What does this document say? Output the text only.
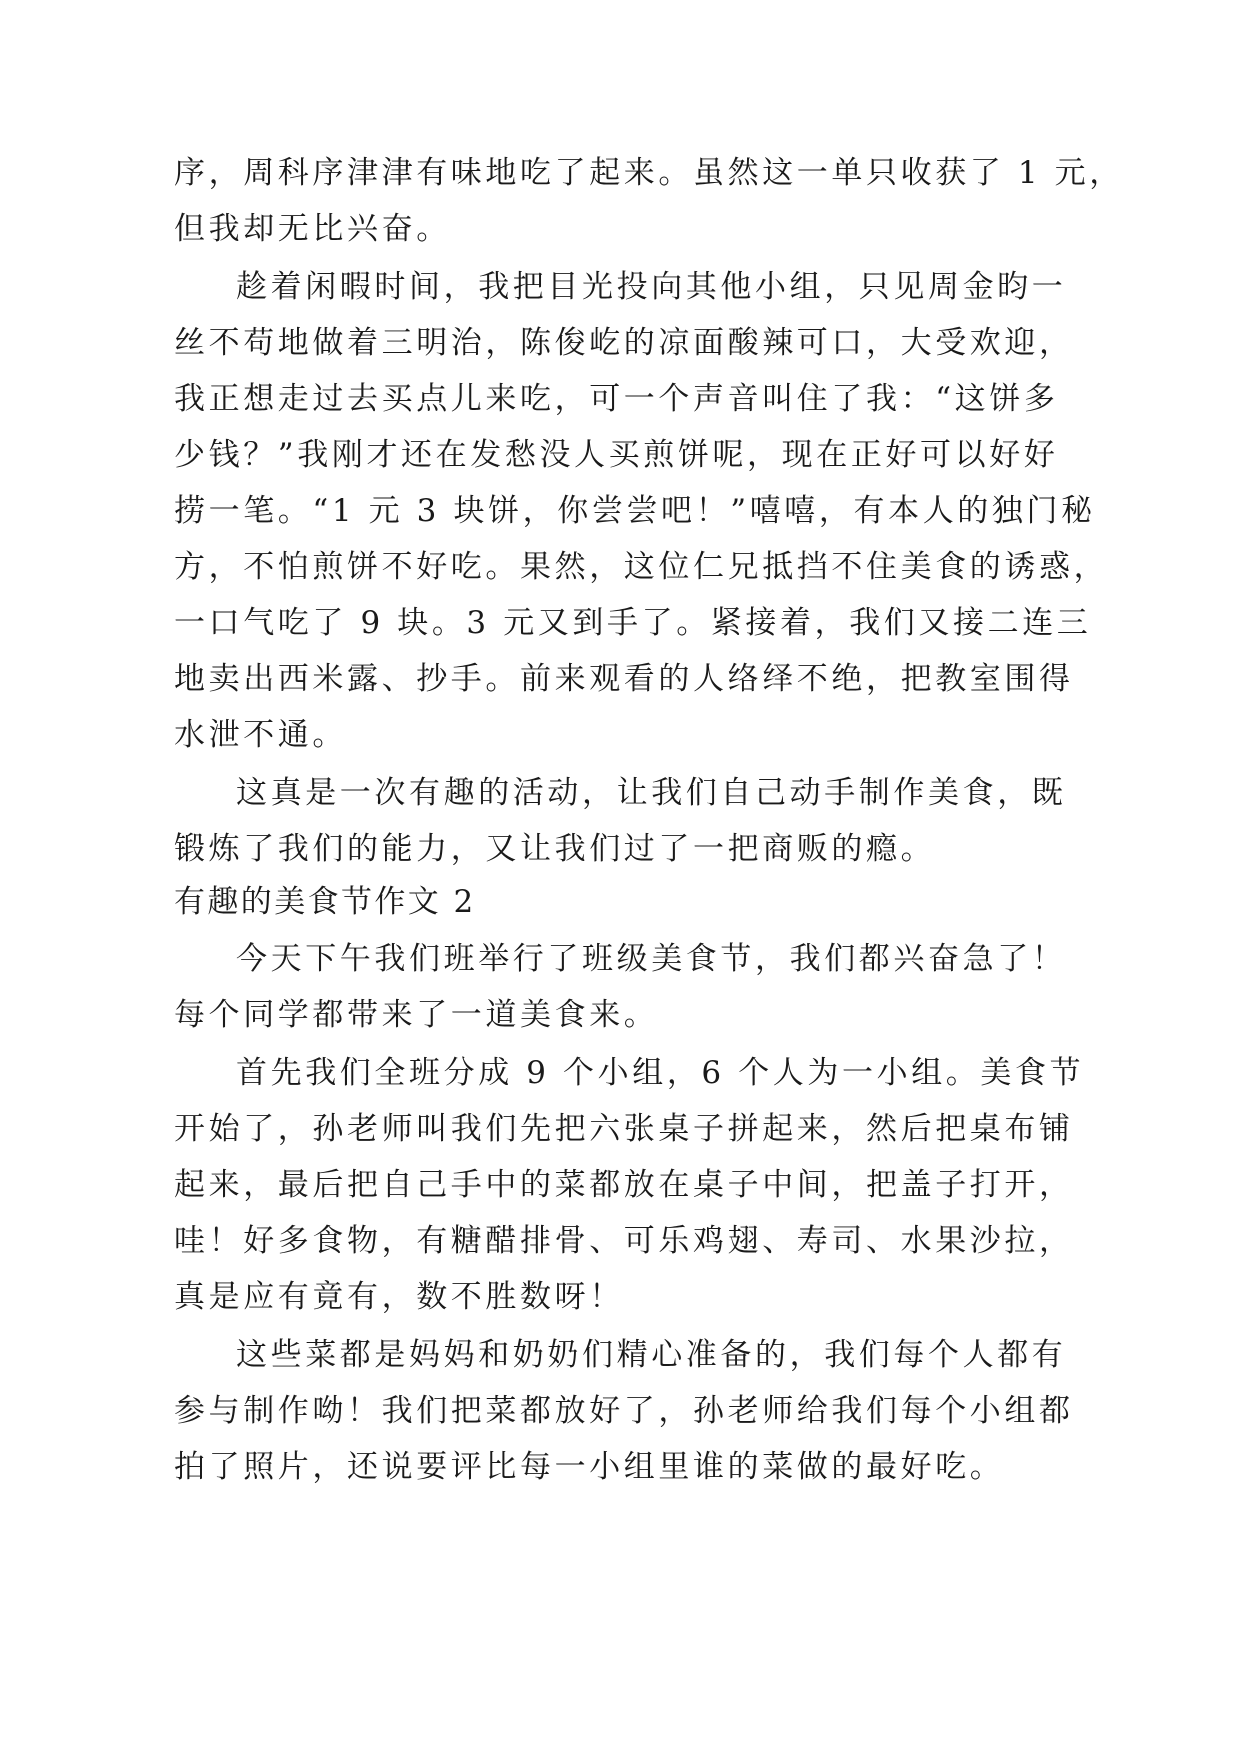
序，周科序津津有味地吃了起来。虽然这一单只收获了 1 元，

但我却无比兴奋。

趁着闲暇时间，我把目光投向其他小组，只见周金昀一

丝不苟地做着三明治，陈俊屹的凉面酸辣可口，大受欢迎，

我正想走过去买点儿来吃，可一个声音叫住了我：“这饼多

少钱？”我刚才还在发愁没人买煎饼呢，现在正好可以好好

捞一笔。“1 元 3 块饼，你尝尝吧！”嘻嘻，有本人的独门秘

方，不怕煎饼不好吃。果然，这位仁兄抵挡不住美食的诱惑，

一口气吃了 9 块。3 元又到手了。紧接着，我们又接二连三

地卖出西米露、抄手。前来观看的人络绎不绝，把教室围得

水泄不通。

这真是一次有趣的活动，让我们自己动手制作美食，既

锻炼了我们的能力，又让我们过了一把商贩的瘾。

有趣的美食节作文 2

今天下午我们班举行了班级美食节，我们都兴奋急了！

每个同学都带来了一道美食来。

首先我们全班分成 9 个小组，6 个人为一小组。美食节

开始了，孙老师叫我们先把六张桌子拼起来，然后把桌布铺

起来，最后把自己手中的菜都放在桌子中间，把盖子打开，

哇！好多食物，有糖醋排骨、可乐鸡翅、寿司、水果沙拉，

真是应有竟有，数不胜数呀！

这些菜都是妈妈和奶奶们精心准备的，我们每个人都有

参与制作呦！我们把菜都放好了，孙老师给我们每个小组都

拍了照片，还说要评比每一小组里谁的菜做的最好吃。
